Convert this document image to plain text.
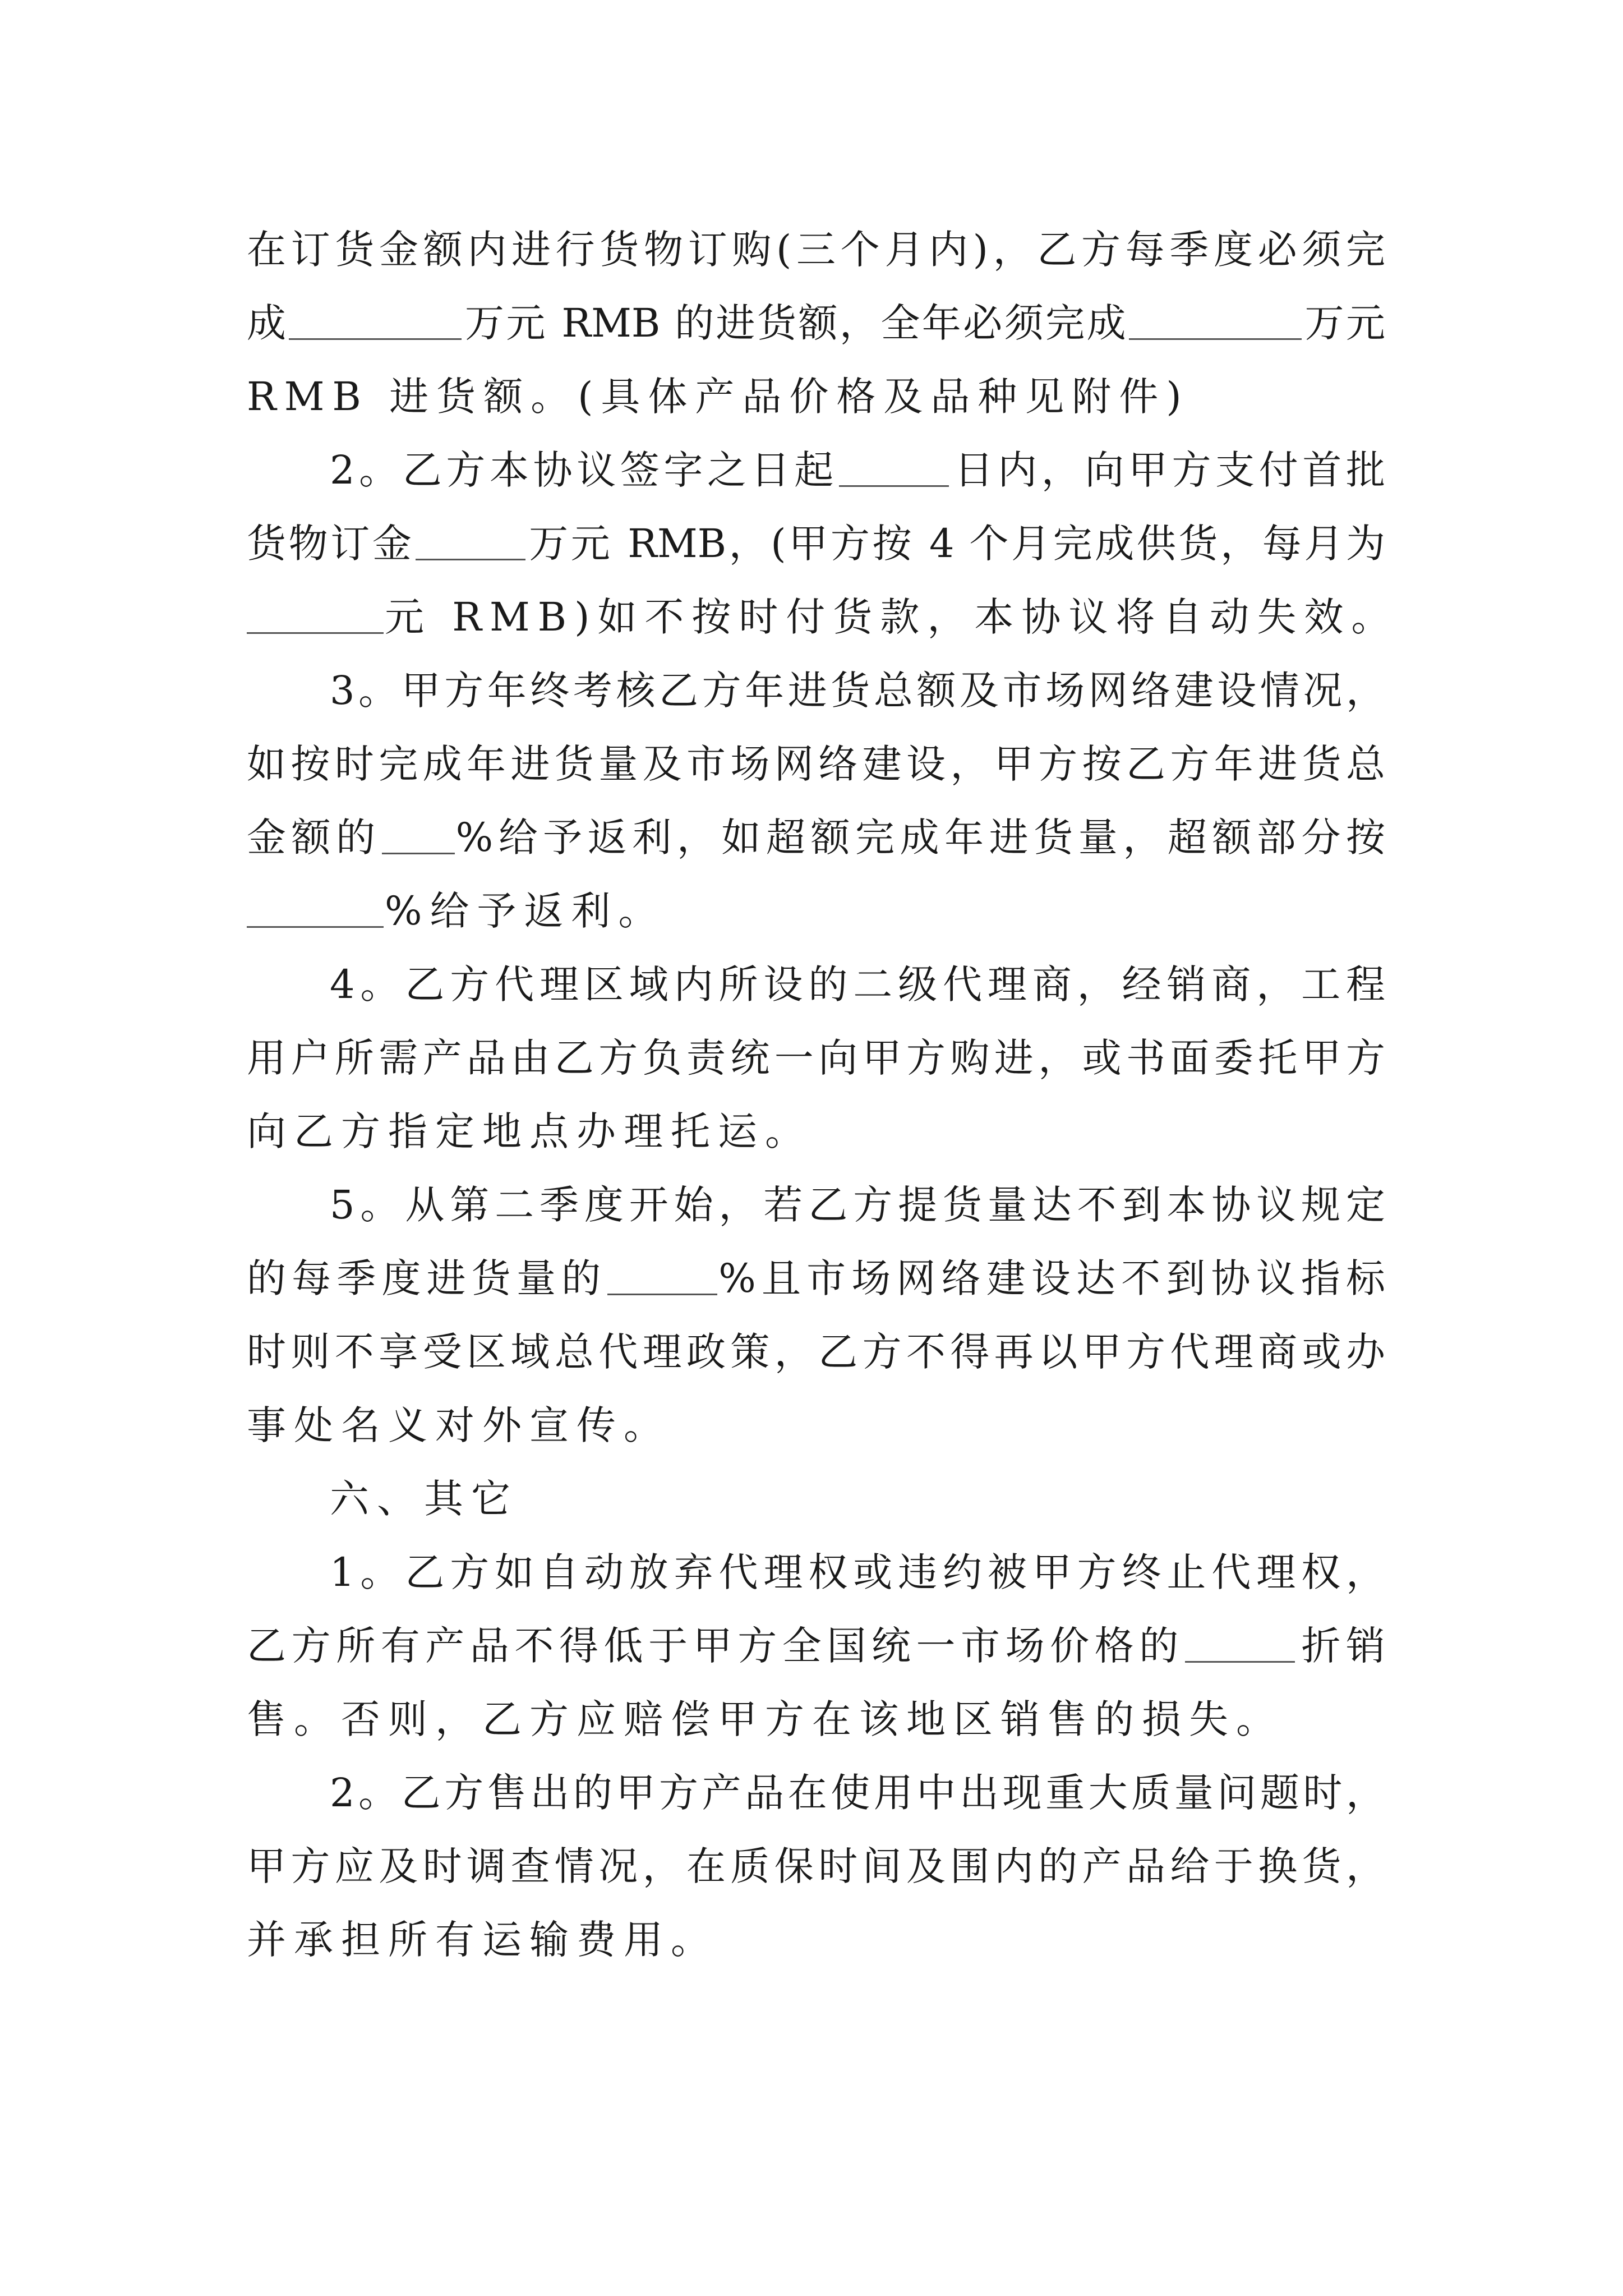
在订货金额内进行货物订购(三个月内)，乙方每季度必须完
成	万元 RMB 的进货额，全年必须完成	万元
RMB 进货额。(具体产品价格及品种见附件)
2。乙方本协议签字之日起	日内，向甲方支付首批
货物订金	万元 RMB，(甲方按 4 个月完成供货，每月为
元 RMB)如不按时付货款，本协议将自动失效。
3。甲方年终考核乙方年进货总额及市场网络建设情况，
如按时完成年进货量及市场网络建设，甲方按乙方年进货总
金额的 %给予返利，如超额完成年进货量，超额部分按
%给予返利。
4。乙方代理区域内所设的二级代理商，经销商，工程
用户所需产品由乙方负责统一向甲方购进，或书面委托甲方
向乙方指定地点办理托运。
5。从第二季度开始，若乙方提货量达不到本协议规定
的每季度进货量的	%且市场网络建设达不到协议指标
时则不享受区域总代理政策，乙方不得再以甲方代理商或办
事处名义对外宣传。
六、其它
1。乙方如自动放弃代理权或违约被甲方终止代理权，
乙方所有产品不得低于甲方全国统一市场价格的	折销
售。否则，乙方应赔偿甲方在该地区销售的损失。
2。乙方售出的甲方产品在使用中出现重大质量问题时，
甲方应及时调查情况，在质保时间及围内的产品给于换货，
并承担所有运输费用。
